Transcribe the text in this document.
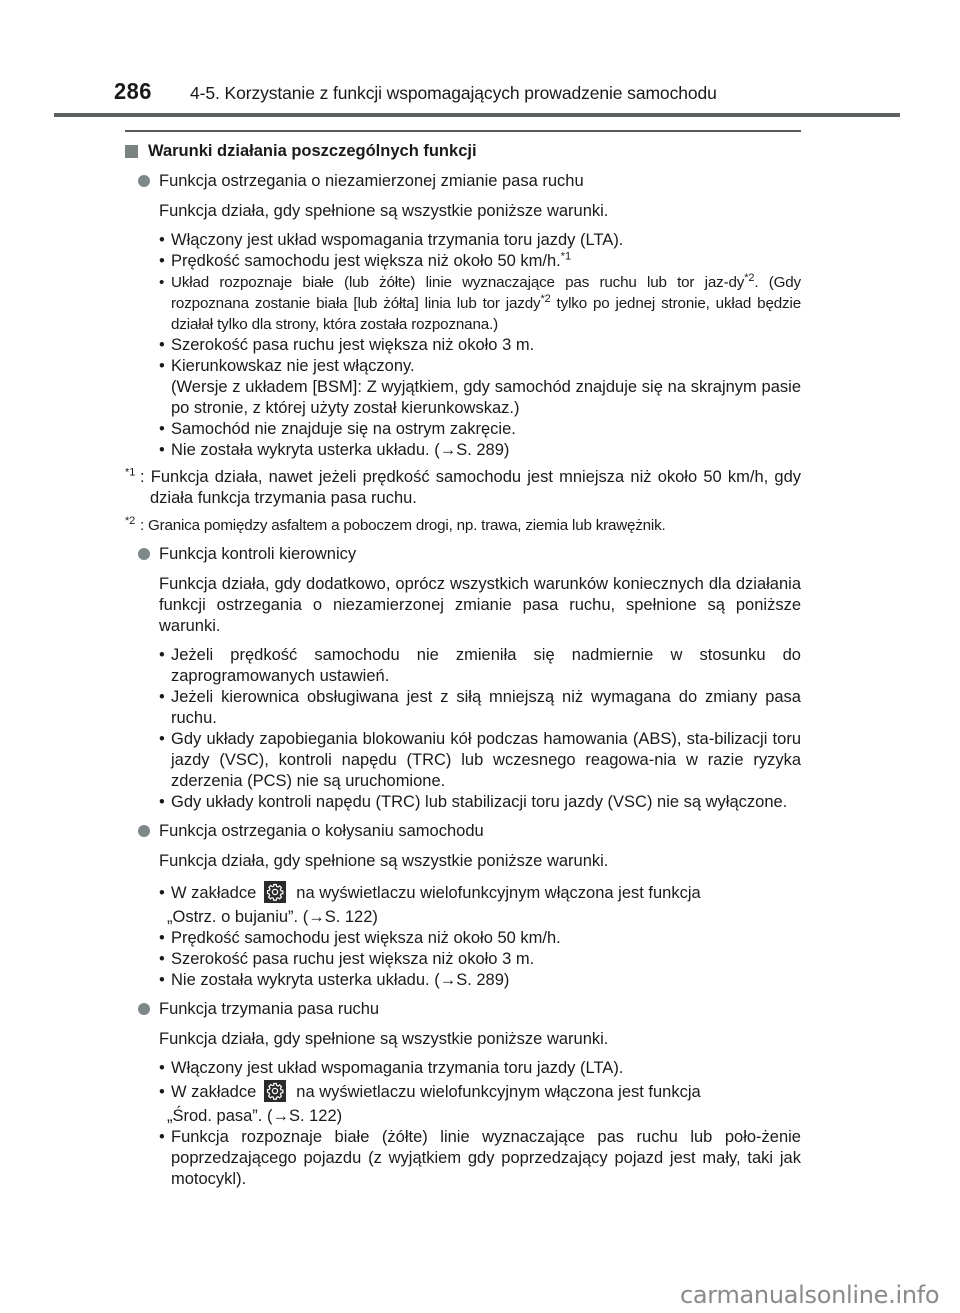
286	4-5. Korzystanie z funkcji wspomagających prowadzenie samochodu
Warunki działania poszczególnych funkcji
Funkcja ostrzegania o niezamierzonej zmianie pasa ruchu
Funkcja działa, gdy spełnione są wszystkie poniższe warunki.
• Włączony jest układ wspomagania trzymania toru jazdy (LTA).
• Prędkość samochodu jest większa niż około 50 km/h.$^{*1}$
• Układ rozpoznaje białe (lub żółte) linie wyznaczające pas ruchu lub tor jaz-$dy^{*2}$. (Gdy rozpoznana zostanie biała [lub żółta] linia lub tor jazdy$^{*2}$ tylko po jednej stronie, układ będzie działał tylko dla strony, która została rozpoznana.)
• Szerokość pasa ruchu jest większa niż około 3 m.
• Kierunkowskaz nie jest włączony.
(Wersje z układem [BSM]: Z wyjątkiem, gdy samochód znajduje się na skrajnym pasie po stronie, z której użyty został kierunkowskaz.)
• Samochód nie znajduje się na ostrym zakręcie.
• Nie została wykryta usterka układu. (→S. 289)
$^{*1}$ : Funkcja działa, nawet jeżeli prędkość samochodu jest mniejsza niż około 50 km/h, gdy działa funkcja trzymania pasa ruchu.
$^{*2}$ : Granica pomiędzy asfaltem a poboczem drogi, np. trawa, ziemia lub krawężnik.
Funkcja kontroli kierownicy
Funkcja działa, gdy dodatkowo, oprócz wszystkich warunków koniecznych dla działania funkcji ostrzegania o niezamierzonej zmianie pasa ruchu, spełnione są poniższe warunki.
• Jeżeli prędkość samochodu nie zmieniła się nadmiernie w stosunku do zaprogramowanych ustawień.
• Jeżeli kierownica obsługiwana jest z siłą mniejszą niż wymagana do zmiany pasa ruchu.
• Gdy układy zapobiegania blokowaniu kół podczas hamowania (ABS), sta-bilizacji toru jazdy (VSC), kontroli napędu (TRC) lub wczesnego reagowa-nia w razie ryzyka zderzenia (PCS) nie są uruchomione.
• Gdy układy kontroli napędu (TRC) lub stabilizacji toru jazdy (VSC) nie są wyłączone.
Funkcja ostrzegania o kołysaniu samochodu
Funkcja działa, gdy spełnione są wszystkie poniższe warunki.
• W zakładce na wyświetlaczu wielofunkcyjnym włączona jest funkcja
„Ostrz. o bujaniu”. (→S. 122)
• Prędkość samochodu jest większa niż około 50 km/h.
• Szerokość pasa ruchu jest większa niż około 3 m.
• Nie została wykryta usterka układu. (→S. 289)
Funkcja trzymania pasa ruchu
Funkcja działa, gdy spełnione są wszystkie poniższe warunki.
• Włączony jest układ wspomagania trzymania toru jazdy (LTA).
• W zakładce na wyświetlaczu wielofunkcyjnym włączona jest funkcja
„Środ. pasa”. (→S. 122)
• Funkcja rozpoznaje białe (żółte) linie wyznaczające pas ruchu lub poło-żenie poprzedzającego pojazdu (z wyjątkiem gdy poprzedzający pojazd jest mały, taki jak motocykl).
carmanualsonline.info
